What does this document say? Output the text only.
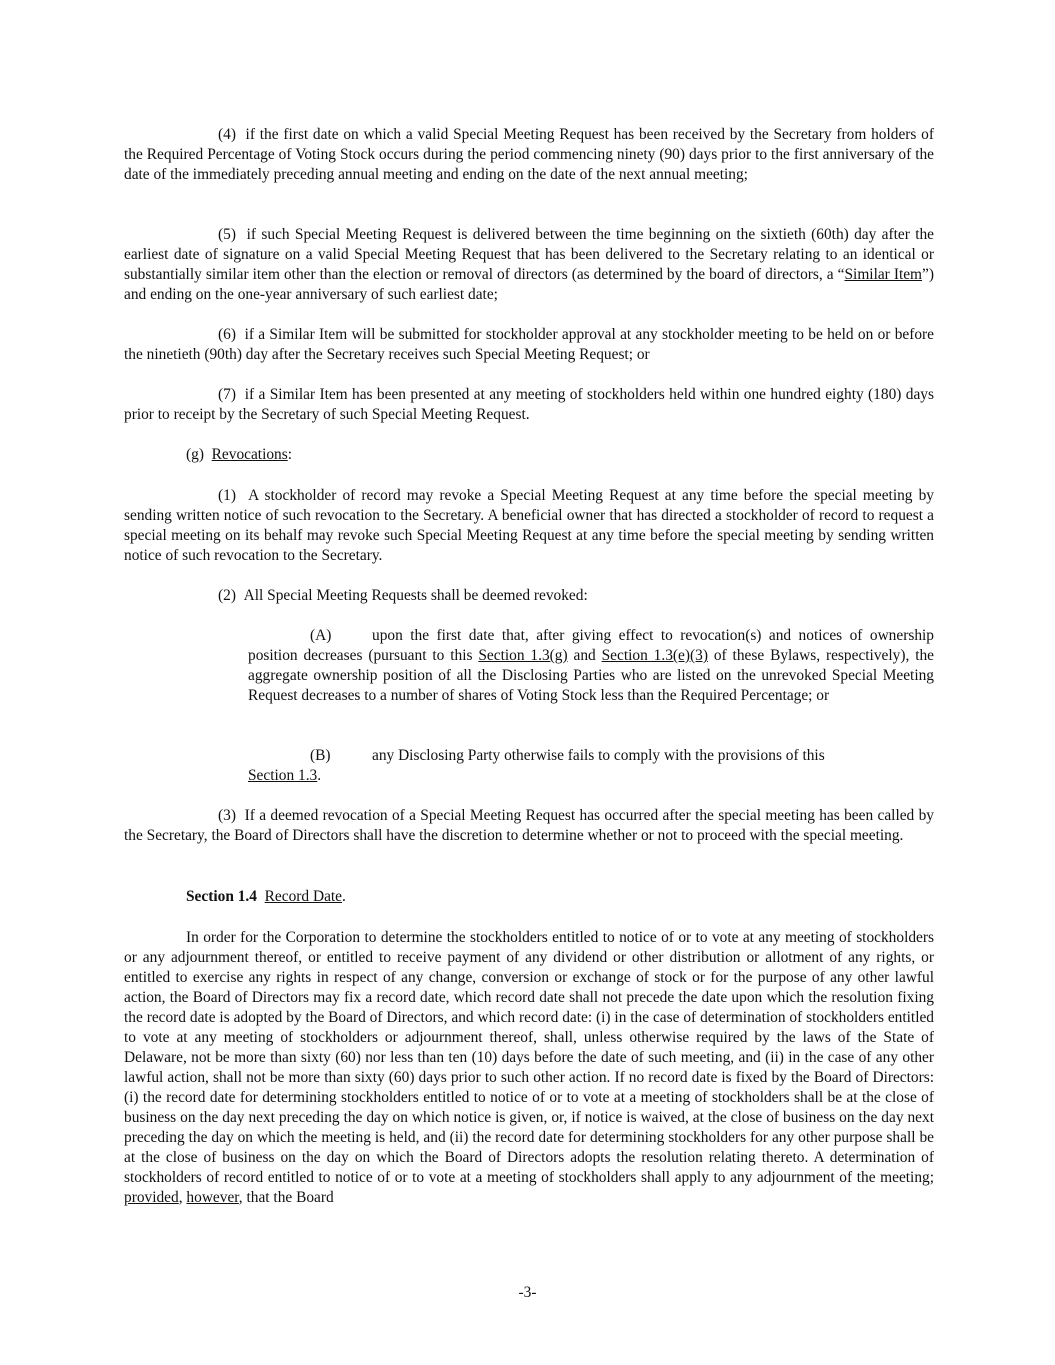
(4) if the first date on which a valid Special Meeting Request has been received by the Secretary from holders of the Required Percentage of Voting Stock occurs during the period commencing ninety (90) days prior to the first anniversary of the date of the immediately preceding annual meeting and ending on the date of the next annual meeting;

(5) if such Special Meeting Request is delivered between the time beginning on the sixtieth (60th) day after the earliest date of signature on a valid Special Meeting Request that has been delivered to the Secretary relating to an identical or substantially similar item other than the election or removal of directors (as determined by the board of directors, a “Similar Item”) and ending on the one-year anniversary of such earliest date;

(6) if a Similar Item will be submitted for stockholder approval at any stockholder meeting to be held on or before the ninetieth (90th) day after the Secretary receives such Special Meeting Request; or

(7) if a Similar Item has been presented at any meeting of stockholders held within one hundred eighty (180) days prior to receipt by the Secretary of such Special Meeting Request.

(g) Revocations:

(1) A stockholder of record may revoke a Special Meeting Request at any time before the special meeting by sending written notice of such revocation to the Secretary. A beneficial owner that has directed a stockholder of record to request a special meeting on its behalf may revoke such Special Meeting Request at any time before the special meeting by sending written notice of such revocation to the Secretary.

(2) All Special Meeting Requests shall be deemed revoked:

(A)	upon the first date that, after giving effect to revocation(s) and notices of ownership position decreases (pursuant to this Section 1.3(g) and Section 1.3(e)(3) of these Bylaws, respectively), the aggregate ownership position of all the Disclosing Parties who are listed on the unrevoked Special Meeting Request decreases to a number of shares of Voting Stock less than the Required Percentage; or

(B)	any Disclosing Party otherwise fails to comply with the provisions of this
Section 1.3.

(3) If a deemed revocation of a Special Meeting Request has occurred after the special meeting has been called by the Secretary, the Board of Directors shall have the discretion to determine whether or not to proceed with the special meeting.

Section 1.4 Record Date.

In order for the Corporation to determine the stockholders entitled to notice of or to vote at any meeting of stockholders or any adjournment thereof, or entitled to receive payment of any dividend or other distribution or allotment of any rights, or entitled to exercise any rights in respect of any change, conversion or exchange of stock or for the purpose of any other lawful action, the Board of Directors may fix a record date, which record date shall not precede the date upon which the resolution fixing the record date is adopted by the Board of Directors, and which record date: (i) in the case of determination of stockholders entitled to vote at any meeting of stockholders or adjournment thereof, shall, unless otherwise required by the laws of the State of Delaware, not be more than sixty (60) nor less than ten (10) days before the date of such meeting, and (ii) in the case of any other lawful action, shall not be more than sixty (60) days prior to such other action. If no record date is fixed by the Board of Directors: (i) the record date for determining stockholders entitled to notice of or to vote at a meeting of stockholders shall be at the close of business on the day next preceding the day on which notice is given, or, if notice is waived, at the close of business on the day next preceding the day on which the meeting is held, and (ii) the record date for determining stockholders for any other purpose shall be at the close of business on the day on which the Board of Directors adopts the resolution relating thereto. A determination of stockholders of record entitled to notice of or to vote at a meeting of stockholders shall apply to any adjournment of the meeting; provided, however, that the Board

-3-
